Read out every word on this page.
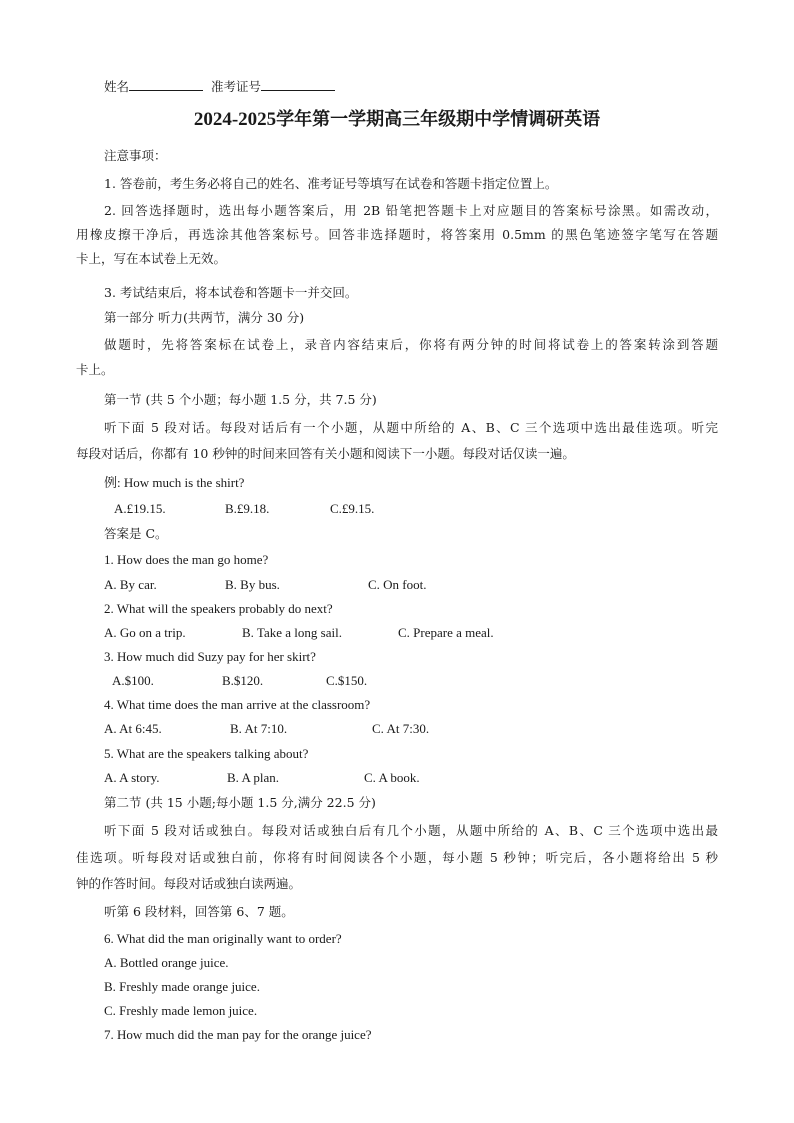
姓名	准考证号
2024-2025学年第一学期高三年级期中学情调研英语
注意事项：
1. 答卷前，考生务必将自己的姓名、准考证号等填写在试卷和答题卡指定位置上。
2. 回答选择题时，选出每小题答案后，用 2B 铅笔把答题卡上对应题目的答案标号涂黑。如需改动，
用橡皮擦干净后，再选涂其他答案标号。回答非选择题时，将答案用 0.5mm 的黑色笔迹签字笔写在答题
卡上，写在本试卷上无效。
3. 考试结束后，将本试卷和答题卡一并交回。
第一部分 听力(共两节，满分 30 分)
做题时，先将答案标在试卷上，录音内容结束后，你将有两分钟的时间将试卷上的答案转涂到答题
卡上。
第一节 (共 5 个小题；每小题 1.5 分，共 7.5 分)
听下面 5 段对话。每段对话后有一个小题，从题中所给的 A、B、C 三个选项中选出最佳选项。听完
每段对话后，你都有 10 秒钟的时间来回答有关小题和阅读下一小题。每段对话仅读一遍。
例: How much is the shirt?
A.£19.15.	B.£9.18.	C.£9.15.
答案是 C。
1. How does the man go home?
A. By car.	B. By bus.	C. On foot.
2. What will the speakers probably do next?
A. Go on a trip.	B. Take a long sail.	C. Prepare a meal.
3. How much did Suzy pay for her skirt?
A.$100.	B.$120.	C.$150.
4. What time does the man arrive at the classroom?
A. At 6:45.	B. At 7:10.	C. At 7:30.
5. What are the speakers talking about?
A. A story.	B. A plan.	C. A book.
第二节 (共 15 小题;每小题 1.5 分,满分 22.5 分)
听下面 5 段对话或独白。每段对话或独白后有几个小题，从题中所给的 A、B、C 三个选项中选出最
佳选项。听每段对话或独白前，你将有时间阅读各个小题，每小题 5 秒钟；听完后，各小题将给出 5 秒
钟的作答时间。每段对话或独白读两遍。
听第 6 段材料，回答第 6、7 题。
6. What did the man originally want to order?
A. Bottled orange juice.
B. Freshly made orange juice.
C. Freshly made lemon juice.
7. How much did the man pay for the orange juice?
